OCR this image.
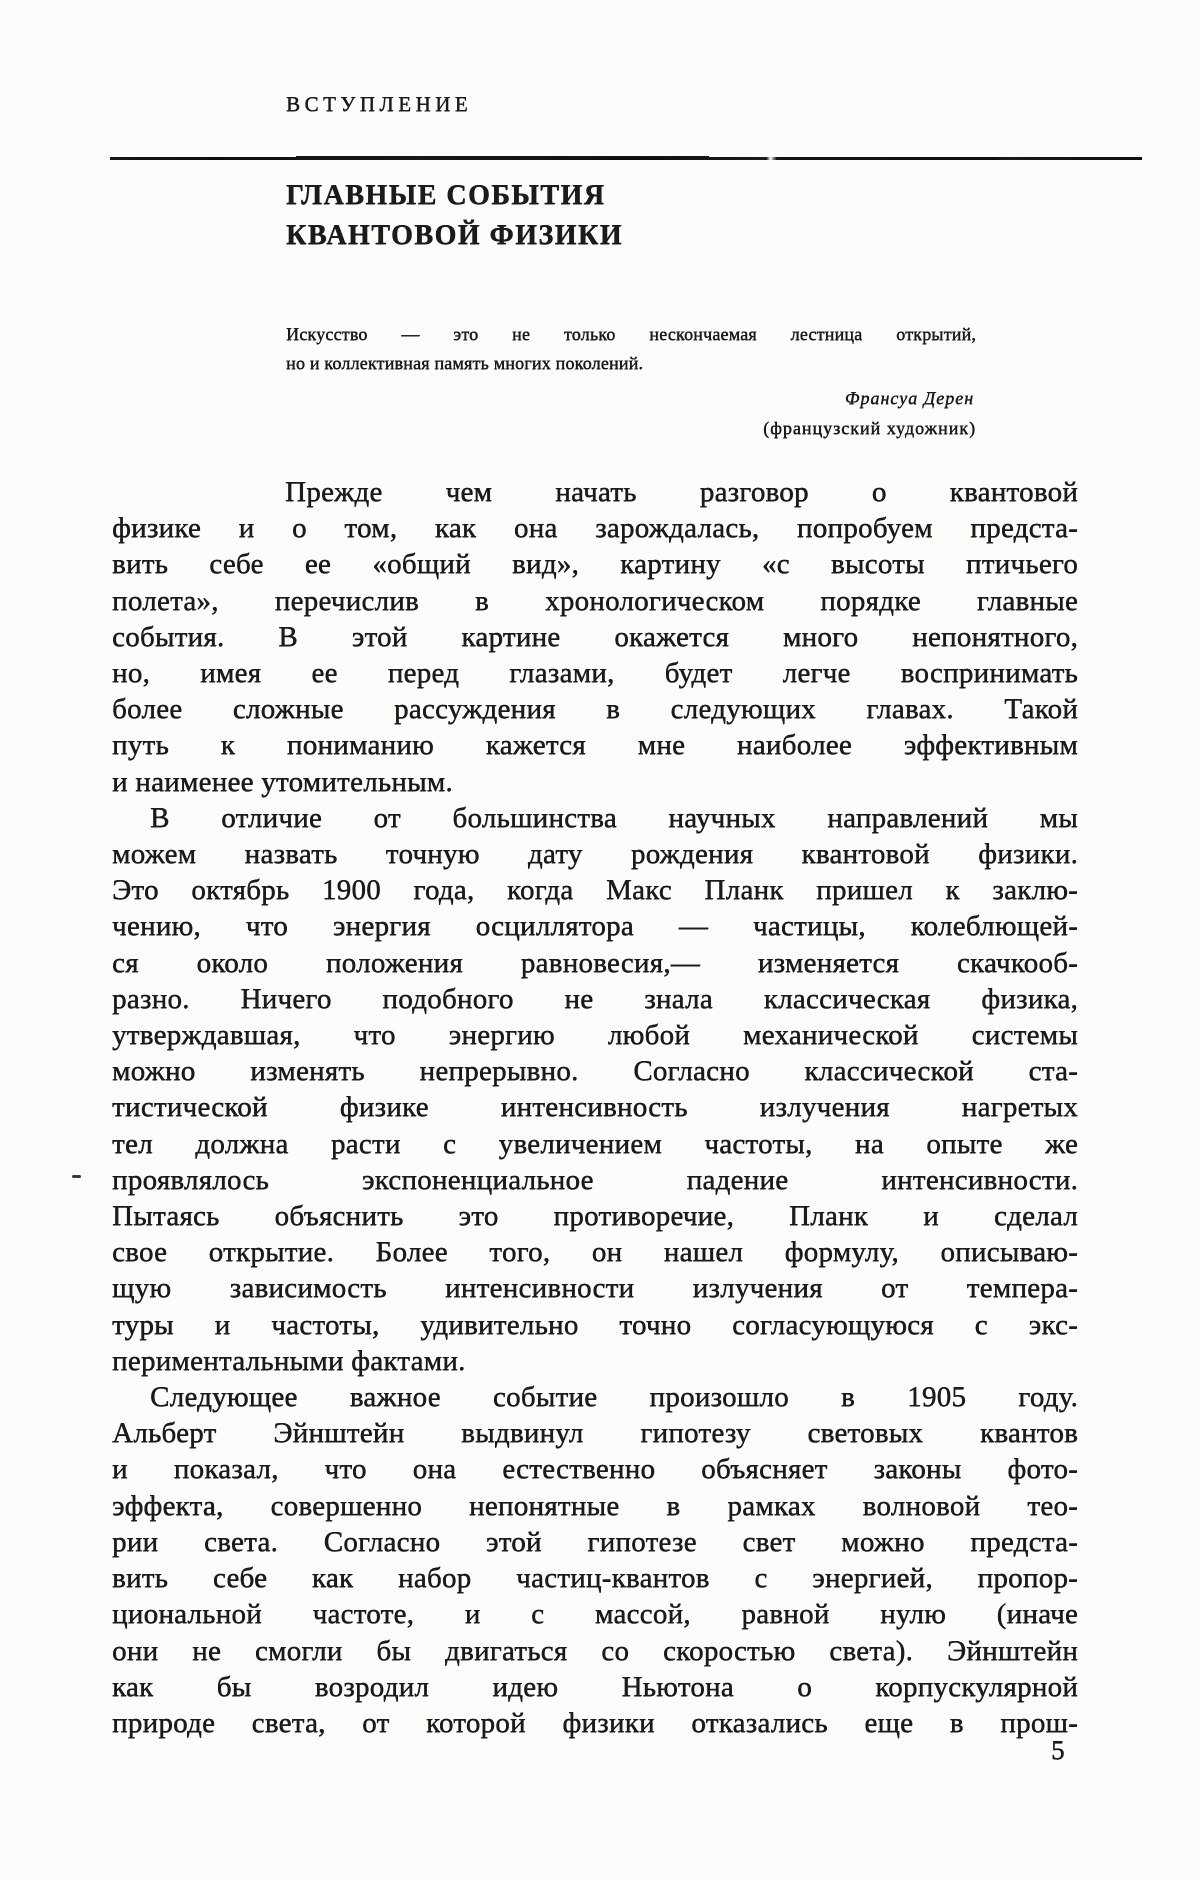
ВСТУПЛЕНИЕ
ГЛАВНЫЕ СОБЫТИЯ
КВАНТОВОЙ ФИЗИКИ
Искусство — это не только нескончаемая лестница открытий,
но и коллективная память многих поколений.
Франсуа Дерен
(французский художник)
Прежде чем начать разговор о квантовой
физике и о том, как она зарождалась, попробуем предста-
вить себе ее «общий вид», картину «с высоты птичьего
полета», перечислив в хронологическом порядке главные
события. В этой картине окажется много непонятного,
но, имея ее перед глазами, будет легче воспринимать
более сложные рассуждения в следующих главах. Такой
путь к пониманию кажется мне наиболее эффективным
и наименее утомительным.
В отличие от большинства научных направлений мы
можем назвать точную дату рождения квантовой физики.
Это октябрь 1900 года, когда Макс Планк пришел к заклю-
чению, что энергия осциллятора — частицы, колеблющей-
ся около положения равновесия,— изменяется скачкооб-
разно. Ничего подобного не знала классическая физика,
утверждавшая, что энергию любой механической системы
можно изменять непрерывно. Согласно классической ста-
тистической физике интенсивность излучения нагретых
тел должна расти с увеличением частоты, на опыте же
проявлялось экспоненциальное падение интенсивности.
Пытаясь объяснить это противоречие, Планк и сделал
свое открытие. Более того, он нашел формулу, описываю-
щую зависимость интенсивности излучения от темпера-
туры и частоты, удивительно точно согласующуюся с экс-
периментальными фактами.
Следующее важное событие произошло в 1905 году.
Альберт Эйнштейн выдвинул гипотезу световых квантов
и показал, что она естественно объясняет законы фото-
эффекта, совершенно непонятные в рамках волновой тео-
рии света. Согласно этой гипотезе свет можно предста-
вить себе как набор частиц-квантов с энергией, пропор-
циональной частоте, и с массой, равной нулю (иначе
они не смогли бы двигаться со скоростью света). Эйнштейн
как бы возродил идею Ньютона о корпускулярной
природе света, от которой физики отказались еще в прош-
5
